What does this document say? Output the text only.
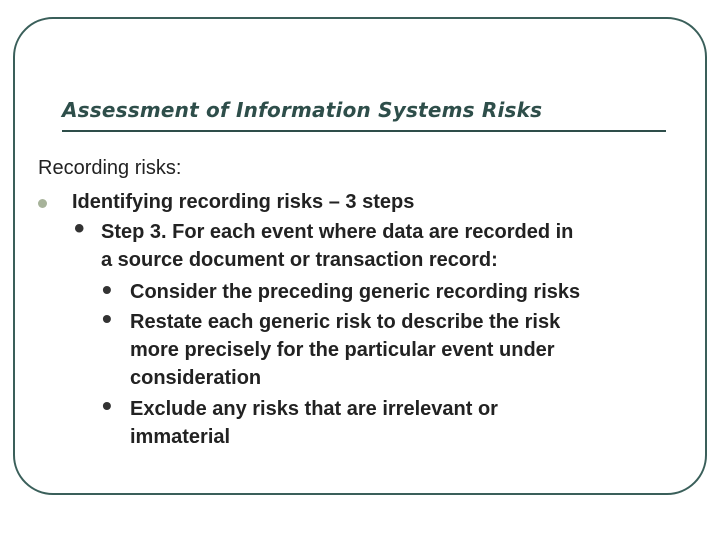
Assessment of Information Systems Risks
Recording risks:
Identifying recording risks – 3 steps
• Step 3. For each event where data are recorded in
a source document or transaction record:
• Consider the preceding generic recording risks
• Restate each generic risk to describe the risk
more precisely for the particular event under
consideration
• Exclude any risks that are irrelevant or
immaterial
